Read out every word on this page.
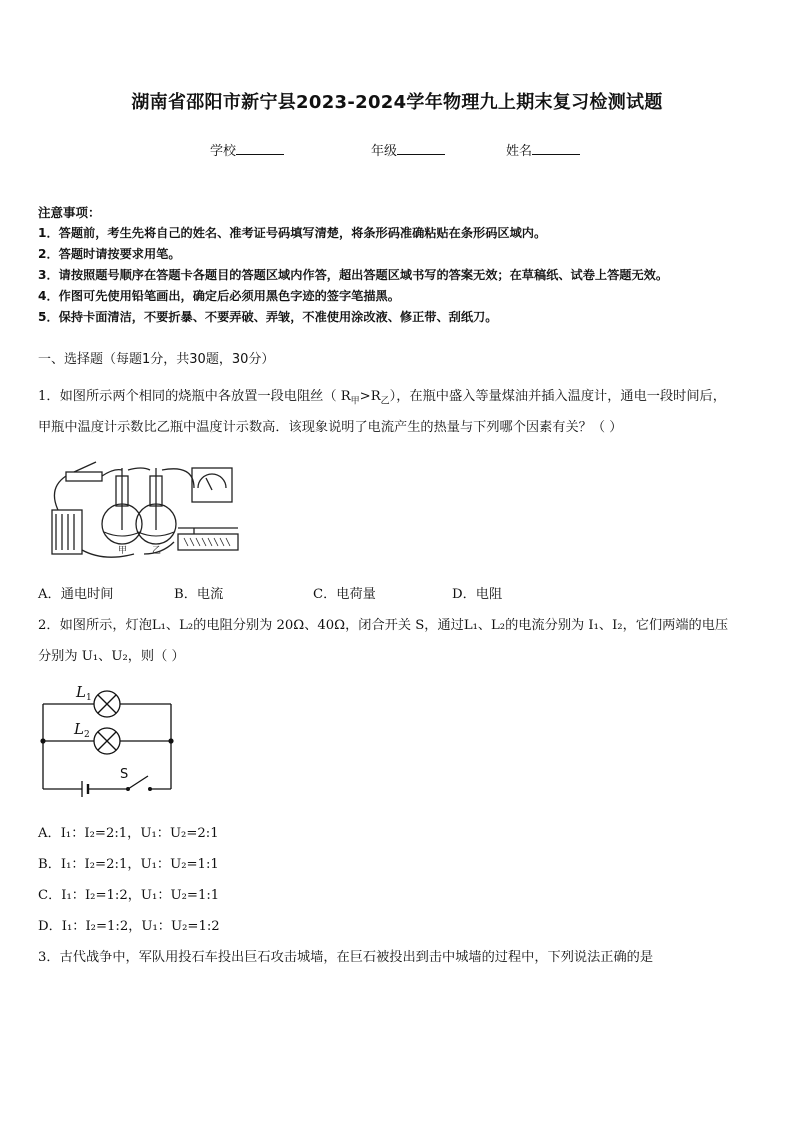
湖南省邵阳市新宁县2023-2024学年物理九上期末复习检测试题
学校	年级	姓名
注意事项：
1．答题前，考生先将自己的姓名、准考证号码填写清楚，将条形码准确粘贴在条形码区域内。
2．答题时请按要求用笔。
3．请按照题号顺序在答题卡各题目的答题区域内作答，超出答题区域书写的答案无效；在草稿纸、试卷上答题无效。
4．作图可先使用铅笔画出，确定后必须用黑色字迹的签字笔描黑。
5．保持卡面清洁，不要折暴、不要弄破、弄皱，不准使用涂改液、修正带、刮纸刀。
一、选择题（每题1分，共30题，30分）
1．如图所示两个相同的烧瓶中各放置一段电阻丝（ $R_甲>R_乙$），在瓶中盛入等量煤油并插入温度计，通电一段时间后，
甲瓶中温度计示数比乙瓶中温度计示数高．该现象说明了电流产生的热量与下列哪个因素有关？（ ）
甲	乙
A．通电时间	B．电流	C．电荷量	D．电阻
2．如图所示，灯泡L₁、L₂的电阻分别为 20Ω、40Ω，闭合开关 S，通过L₁、L₂的电流分别为 I₁、I₂，它们两端的电压
分别为 U₁、U₂，则（ ）
L 1
L 2
S
A．I₁：I₂=2:1，U₁：U₂=2:1
B．I₁：I₂=2:1，U₁：U₂=1:1
C．I₁：I₂=1:2，U₁：U₂=1:1
D．I₁：I₂=1:2，U₁：U₂=1:2
3．古代战争中，军队用投石车投出巨石攻击城墙，在巨石被投出到击中城墙的过程中，下列说法正确的是
